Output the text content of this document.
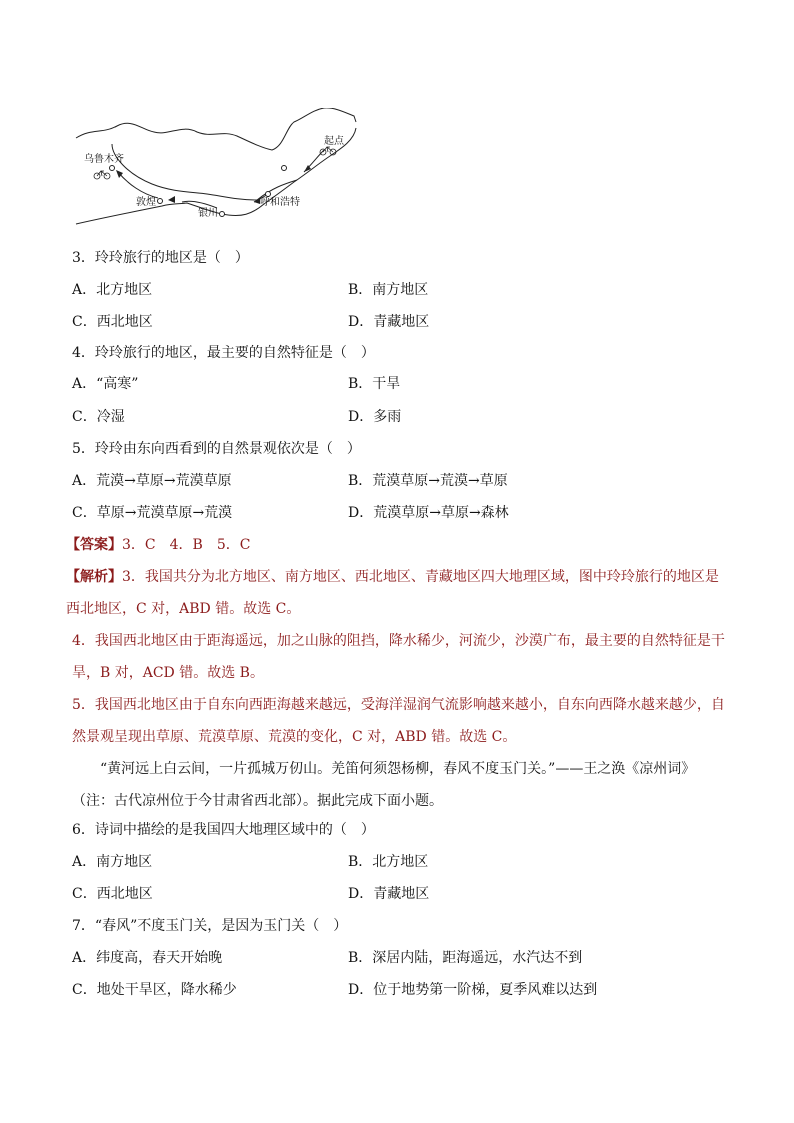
起点
乌鲁木齐
敦煌
银川
呼和浩特
3．玲玲旅行的地区是（　）
A．北方地区	B．南方地区
C．西北地区	D．青藏地区
4．玲玲旅行的地区，最主要的自然特征是（　）
A．“高寒”	B．干旱
C．冷湿	D．多雨
5．玲玲由东向西看到的自然景观依次是（　）
A．荒漠→草原→荒漠草原	B．荒漠草原→荒漠→草原
C．草原→荒漠草原→荒漠	D．荒漠草原→草原→森林
【答案】3．C　4．B　5．C
【解析】3．我国共分为北方地区、南方地区、西北地区、青藏地区四大地理区域，图中玲玲旅行的地区是西北地区，C 对，ABD 错。故选 C。
4．我国西北地区由于距海遥远，加之山脉的阻挡，降水稀少，河流少，沙漠广布，最主要的自然特征是干旱，B 对，ACD 错。故选 B。
5．我国西北地区由于自东向西距海越来越远，受海洋湿润气流影响越来越小，自东向西降水越来越少，自然景观呈现出草原、荒漠草原、荒漠的变化，C 对，ABD 错。故选 C。
“黄河远上白云间，一片孤城万仞山。羌笛何须怨杨柳，春风不度玉门关。”——王之涣《凉州词》（注：古代凉州位于今甘肃省西北部）。据此完成下面小题。
6．诗词中描绘的是我国四大地理区域中的（　）
A．南方地区	B．北方地区
C．西北地区	D．青藏地区
7．“春风”不度玉门关，是因为玉门关（　）
A．纬度高，春天开始晚	B．深居内陆，距海遥远，水汽达不到
C．地处干旱区，降水稀少	D．位于地势第一阶梯，夏季风难以达到
